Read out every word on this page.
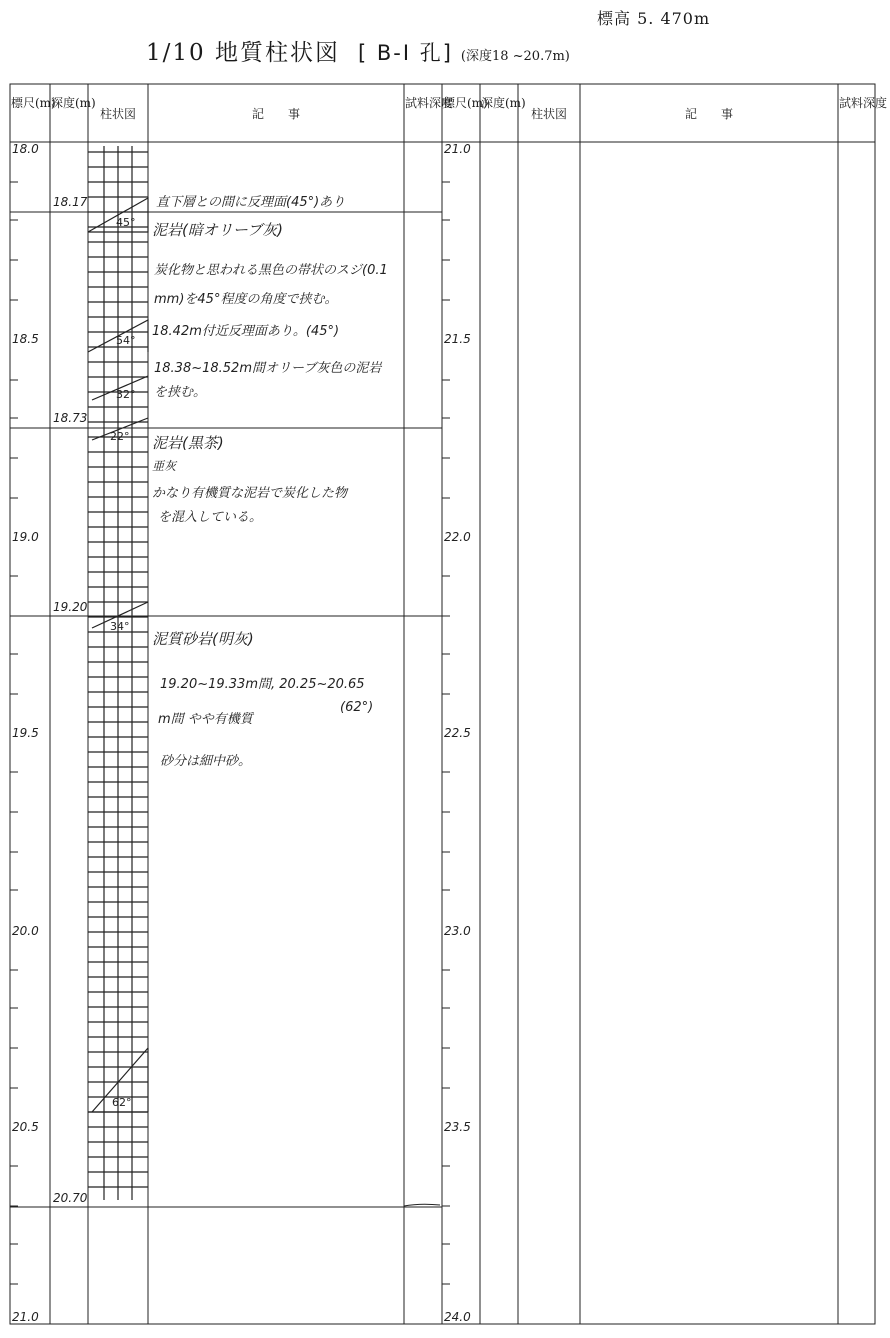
標高 5. 470m
1/10 地質柱状図 [ B-I 孔] (深度18 ~20.7m)
標尺(m)
深度(m)
柱状図	記　　事
試料深度
標尺(m)
深度(m)
柱状図	記　　事
試料深度
18.0
18.5
19.0
19.5
20.0
20.5
21.0
21.0
21.5
22.0
22.5
23.0
23.5
24.0
18.17
18.73
19.20
20.70
45°
54°
32°
22°
34°
62°
直下層との間に反理面(45°)あり
泥岩(暗オリーブ灰)
炭化物と思われる黒色の帯状のスジ(0.1
mm)を45°程度の角度で挟む。
18.42m付近反理面あり。(45°)
18.38~18.52m間オリーブ灰色の泥岩
を挟む。
泥岩(黒茶)
亜灰
かなり有機質な泥岩で炭化した物
を混入している。
泥質砂岩(明灰)
19.20~19.33m間, 20.25~20.65
m間 やや有機質
(62°)
砂分は細中砂。
